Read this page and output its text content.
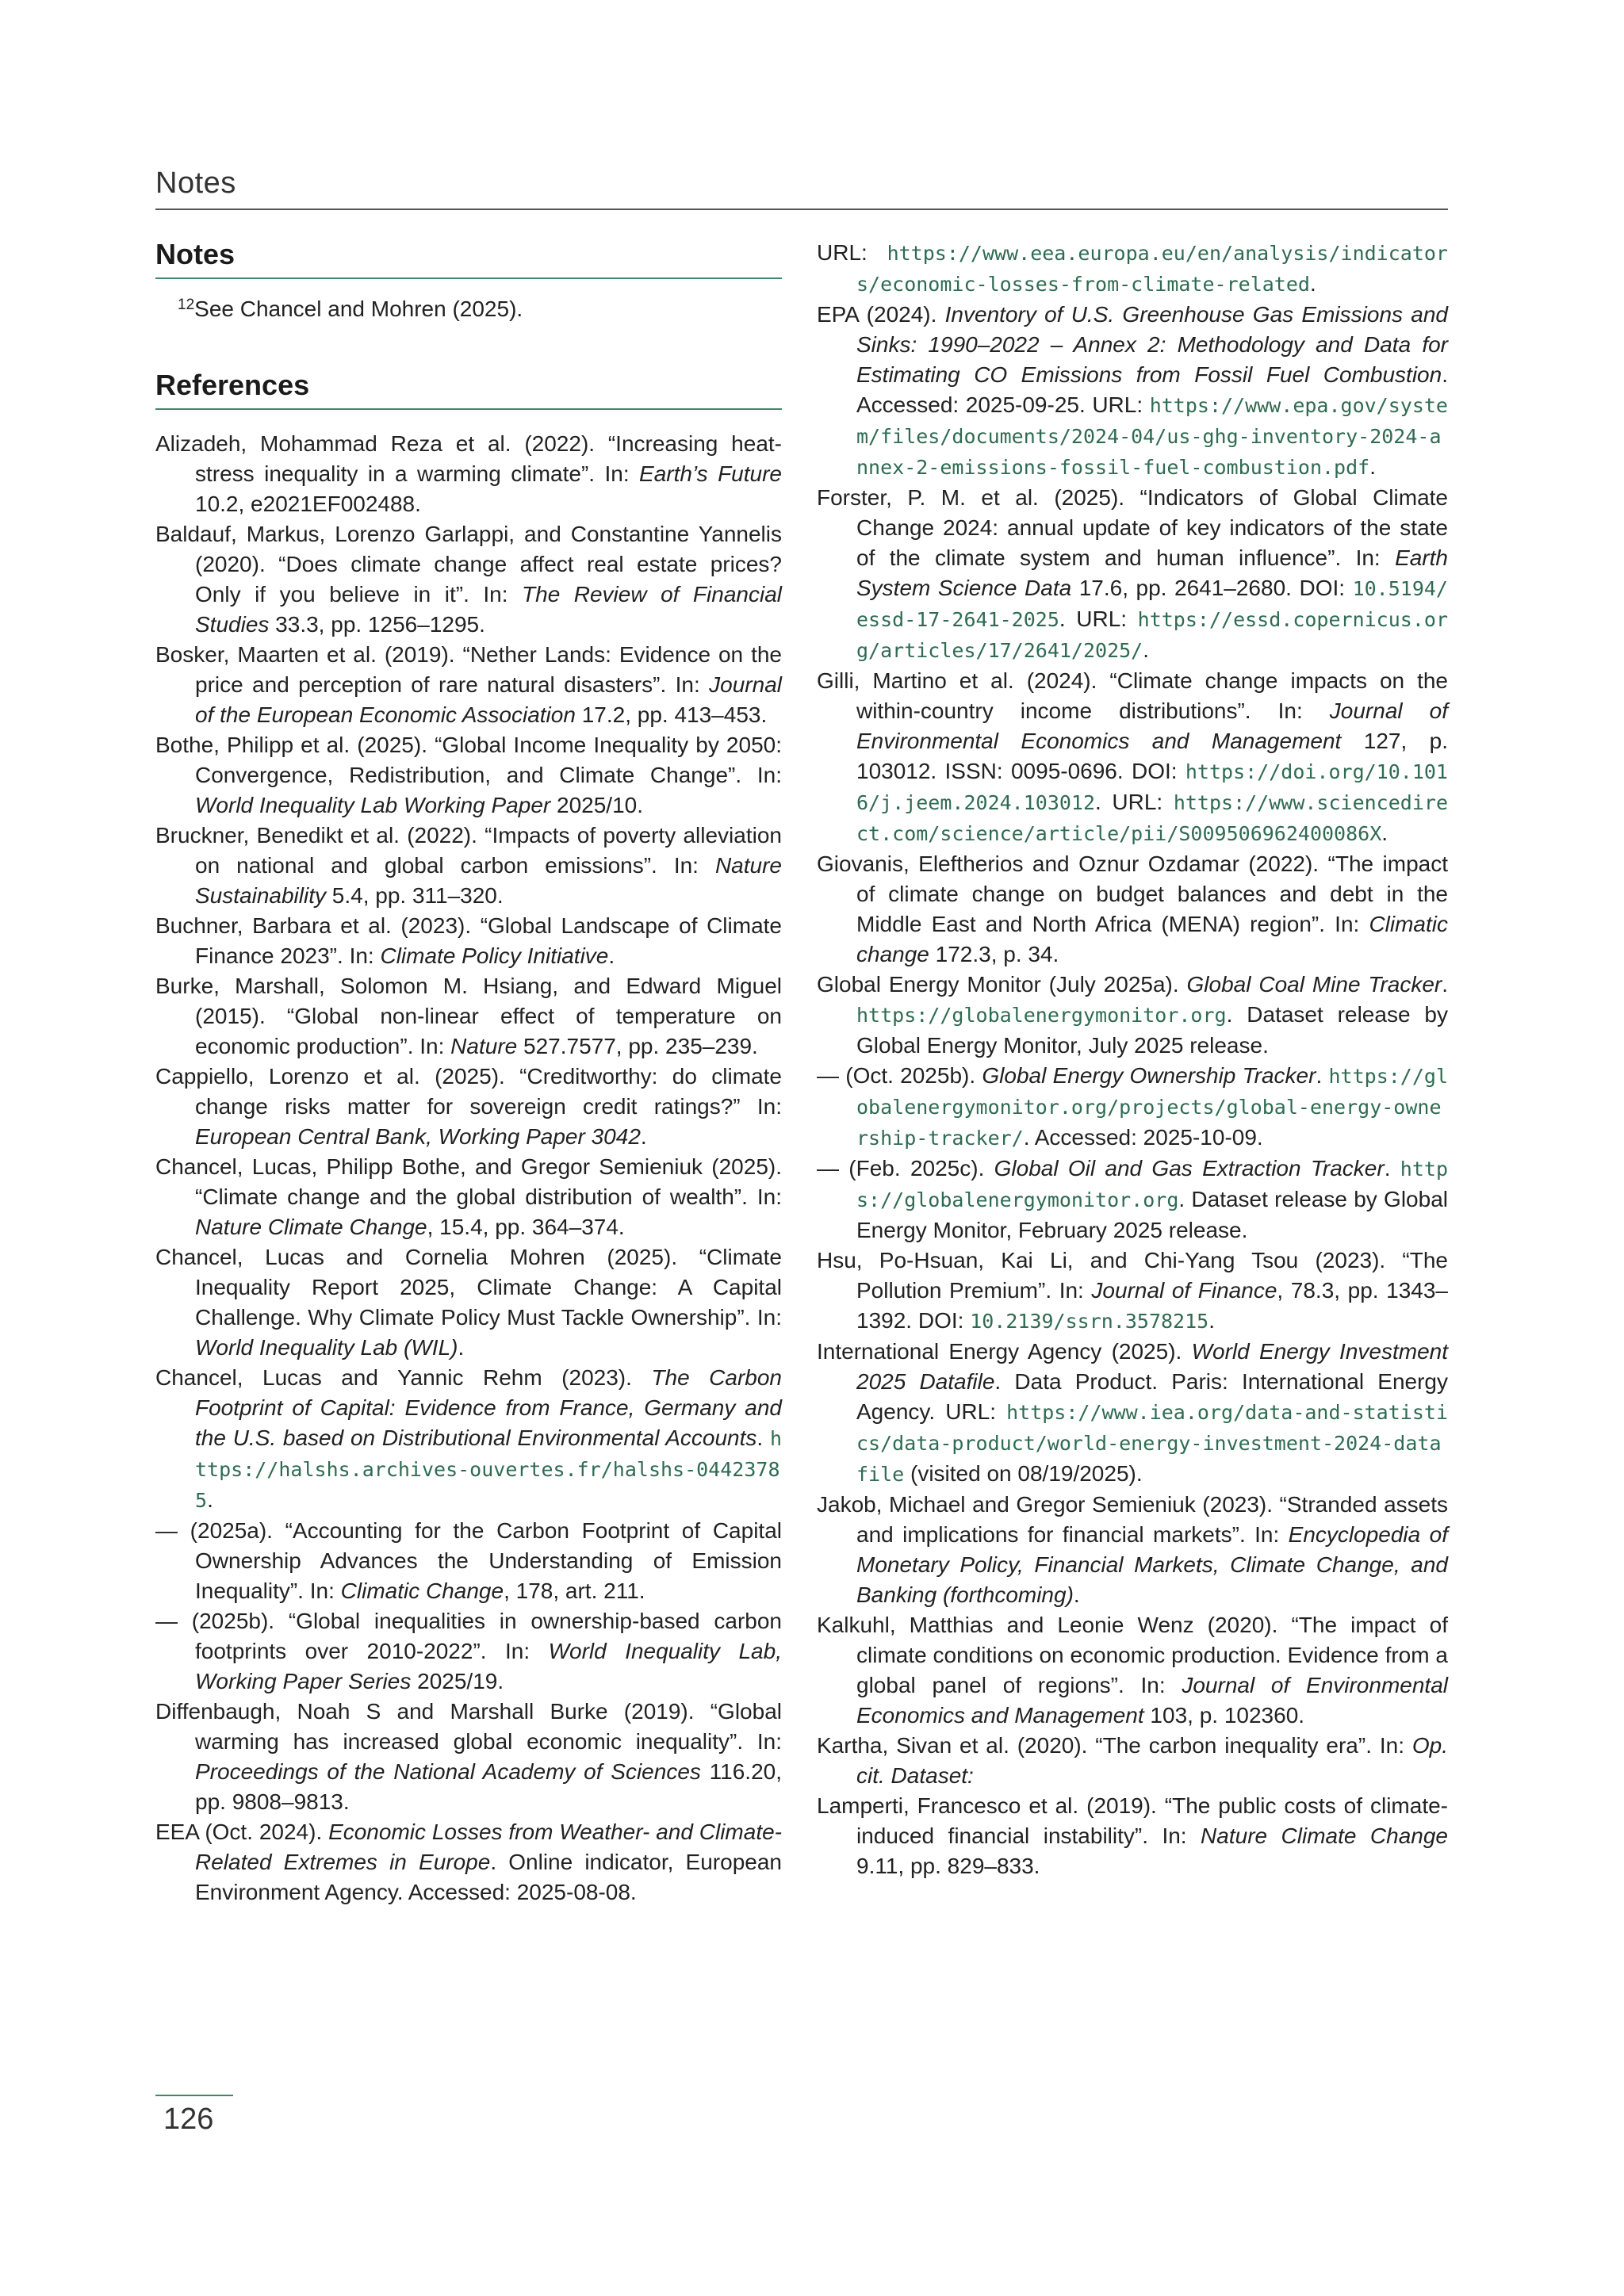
Notes
Notes
$^{12}$See Chancel and Mohren (2025).
References

Alizadeh, Mohammad Reza et al. (2022). “Increasing heat-stress inequality in a warming climate”. In: Earth’s Future 10.2, e2021EF002488.

Baldauf, Markus, Lorenzo Garlappi, and Constantine Yannelis (2020). “Does climate change affect real estate prices? Only if you believe in it”. In: The Review of Financial Studies 33.3, pp. 1256–1295.

Bosker, Maarten et al. (2019). “Nether Lands: Evidence on the price and perception of rare natural disasters”. In: Journal of the European Economic Association 17.2, pp. 413–453.

Bothe, Philipp et al. (2025). “Global Income Inequality by 2050: Convergence, Redistribution, and Climate Change”. In: World Inequality Lab Working Paper 2025/10.

Bruckner, Benedikt et al. (2022). “Impacts of poverty alleviation on national and global carbon emissions”. In: Nature Sustainability 5.4, pp. 311–320.

Buchner, Barbara et al. (2023). “Global Landscape of Climate Finance 2023”. In: Climate Policy Initiative.

Burke, Marshall, Solomon M. Hsiang, and Edward Miguel (2015). “Global non-linear effect of temperature on economic production”. In: Nature 527.7577, pp. 235–239.

Cappiello, Lorenzo et al. (2025). “Creditworthy: do climate change risks matter for sovereign credit ratings?” In: European Central Bank, Working Paper 3042.

Chancel, Lucas, Philipp Bothe, and Gregor Semieniuk (2025). “Climate change and the global distribution of wealth”. In: Nature Climate Change, 15.4, pp. 364–374.

Chancel, Lucas and Cornelia Mohren (2025). “Climate Inequality Report 2025, Climate Change: A Capital Challenge. Why Climate Policy Must Tackle Ownership”. In: World Inequality Lab (WIL).

Chancel, Lucas and Yannic Rehm (2023). The Carbon Footprint of Capital: Evidence from France, Germany and the U.S. based on Distributional Environmental Accounts. https://halshs.archives-ouvertes.fr/halshs-04423785.

— (2025a). “Accounting for the Carbon Footprint of Capital Ownership Advances the Understanding of Emission Inequality”. In: Climatic Change, 178, art. 211.

— (2025b). “Global inequalities in ownership-based carbon footprints over 2010-2022”. In: World Inequality Lab, Working Paper Series 2025/19.

Diffenbaugh, Noah S and Marshall Burke (2019). “Global warming has increased global economic inequality”. In: Proceedings of the National Academy of Sciences 116.20, pp. 9808–9813.

EEA (Oct. 2024). Economic Losses from Weather- and Climate-Related Extremes in Europe. Online indicator, European Environment Agency. Accessed: 2025-08-08.

URL: https://www.eea.europa.eu/en/analysis/indicators/economic-losses-from-climate-related.

EPA (2024). Inventory of U.S. Greenhouse Gas Emissions and Sinks: 1990–2022 – Annex 2: Methodology and Data for Estimating CO Emissions from Fossil Fuel Combustion. Accessed: 2025-09-25. URL: https://www.epa.gov/system/files/documents/2024-04/us-ghg-inventory-2024-annex-2-emissions-fossil-fuel-combustion.pdf.

Forster, P. M. et al. (2025). “Indicators of Global Climate Change 2024: annual update of key indicators of the state of the climate system and human influence”. In: Earth System Science Data 17.6, pp. 2641–2680. DOI: 10.5194/essd-17-2641-2025. URL: https://essd.copernicus.org/articles/17/2641/2025/.

Gilli, Martino et al. (2024). “Climate change impacts on the within-country income distributions”. In: Journal of Environmental Economics and Management 127, p. 103012. ISSN: 0095-0696. DOI: https://doi.org/10.1016/j.jeem.2024.103012. URL: https://www.sciencedirect.com/science/article/pii/S009506962400086X.

Giovanis, Eleftherios and Oznur Ozdamar (2022). “The impact of climate change on budget balances and debt in the Middle East and North Africa (MENA) region”. In: Climatic change 172.3, p. 34.

Global Energy Monitor (July 2025a). Global Coal Mine Tracker. https://globalenergymonitor.org. Dataset release by Global Energy Monitor, July 2025 release.

— (Oct. 2025b). Global Energy Ownership Tracker. https://globalenergymonitor.org/projects/global-energy-ownership-tracker/. Accessed: 2025-10-09.

— (Feb. 2025c). Global Oil and Gas Extraction Tracker. https://globalenergymonitor.org. Dataset release by Global Energy Monitor, February 2025 release.

Hsu, Po-Hsuan, Kai Li, and Chi-Yang Tsou (2023). “The Pollution Premium”. In: Journal of Finance, 78.3, pp. 1343–1392. DOI: 10.2139/ssrn.3578215.

International Energy Agency (2025). World Energy Investment 2025 Datafile. Data Product. Paris: International Energy Agency. URL: https://www.iea.org/data-and-statistics/data-product/world-energy-investment-2024-datafile (visited on 08/19/2025).

Jakob, Michael and Gregor Semieniuk (2023). “Stranded assets and implications for financial markets”. In: Encyclopedia of Monetary Policy, Financial Markets, Climate Change, and Banking (forthcoming).

Kalkuhl, Matthias and Leonie Wenz (2020). “The impact of climate conditions on economic production. Evidence from a global panel of regions”. In: Journal of Environmental Economics and Management 103, p. 102360.

Kartha, Sivan et al. (2020). “The carbon inequality era”. In: Op. cit. Dataset:

Lamperti, Francesco et al. (2019). “The public costs of climate-induced financial instability”. In: Nature Climate Change 9.11, pp. 829–833.

126
